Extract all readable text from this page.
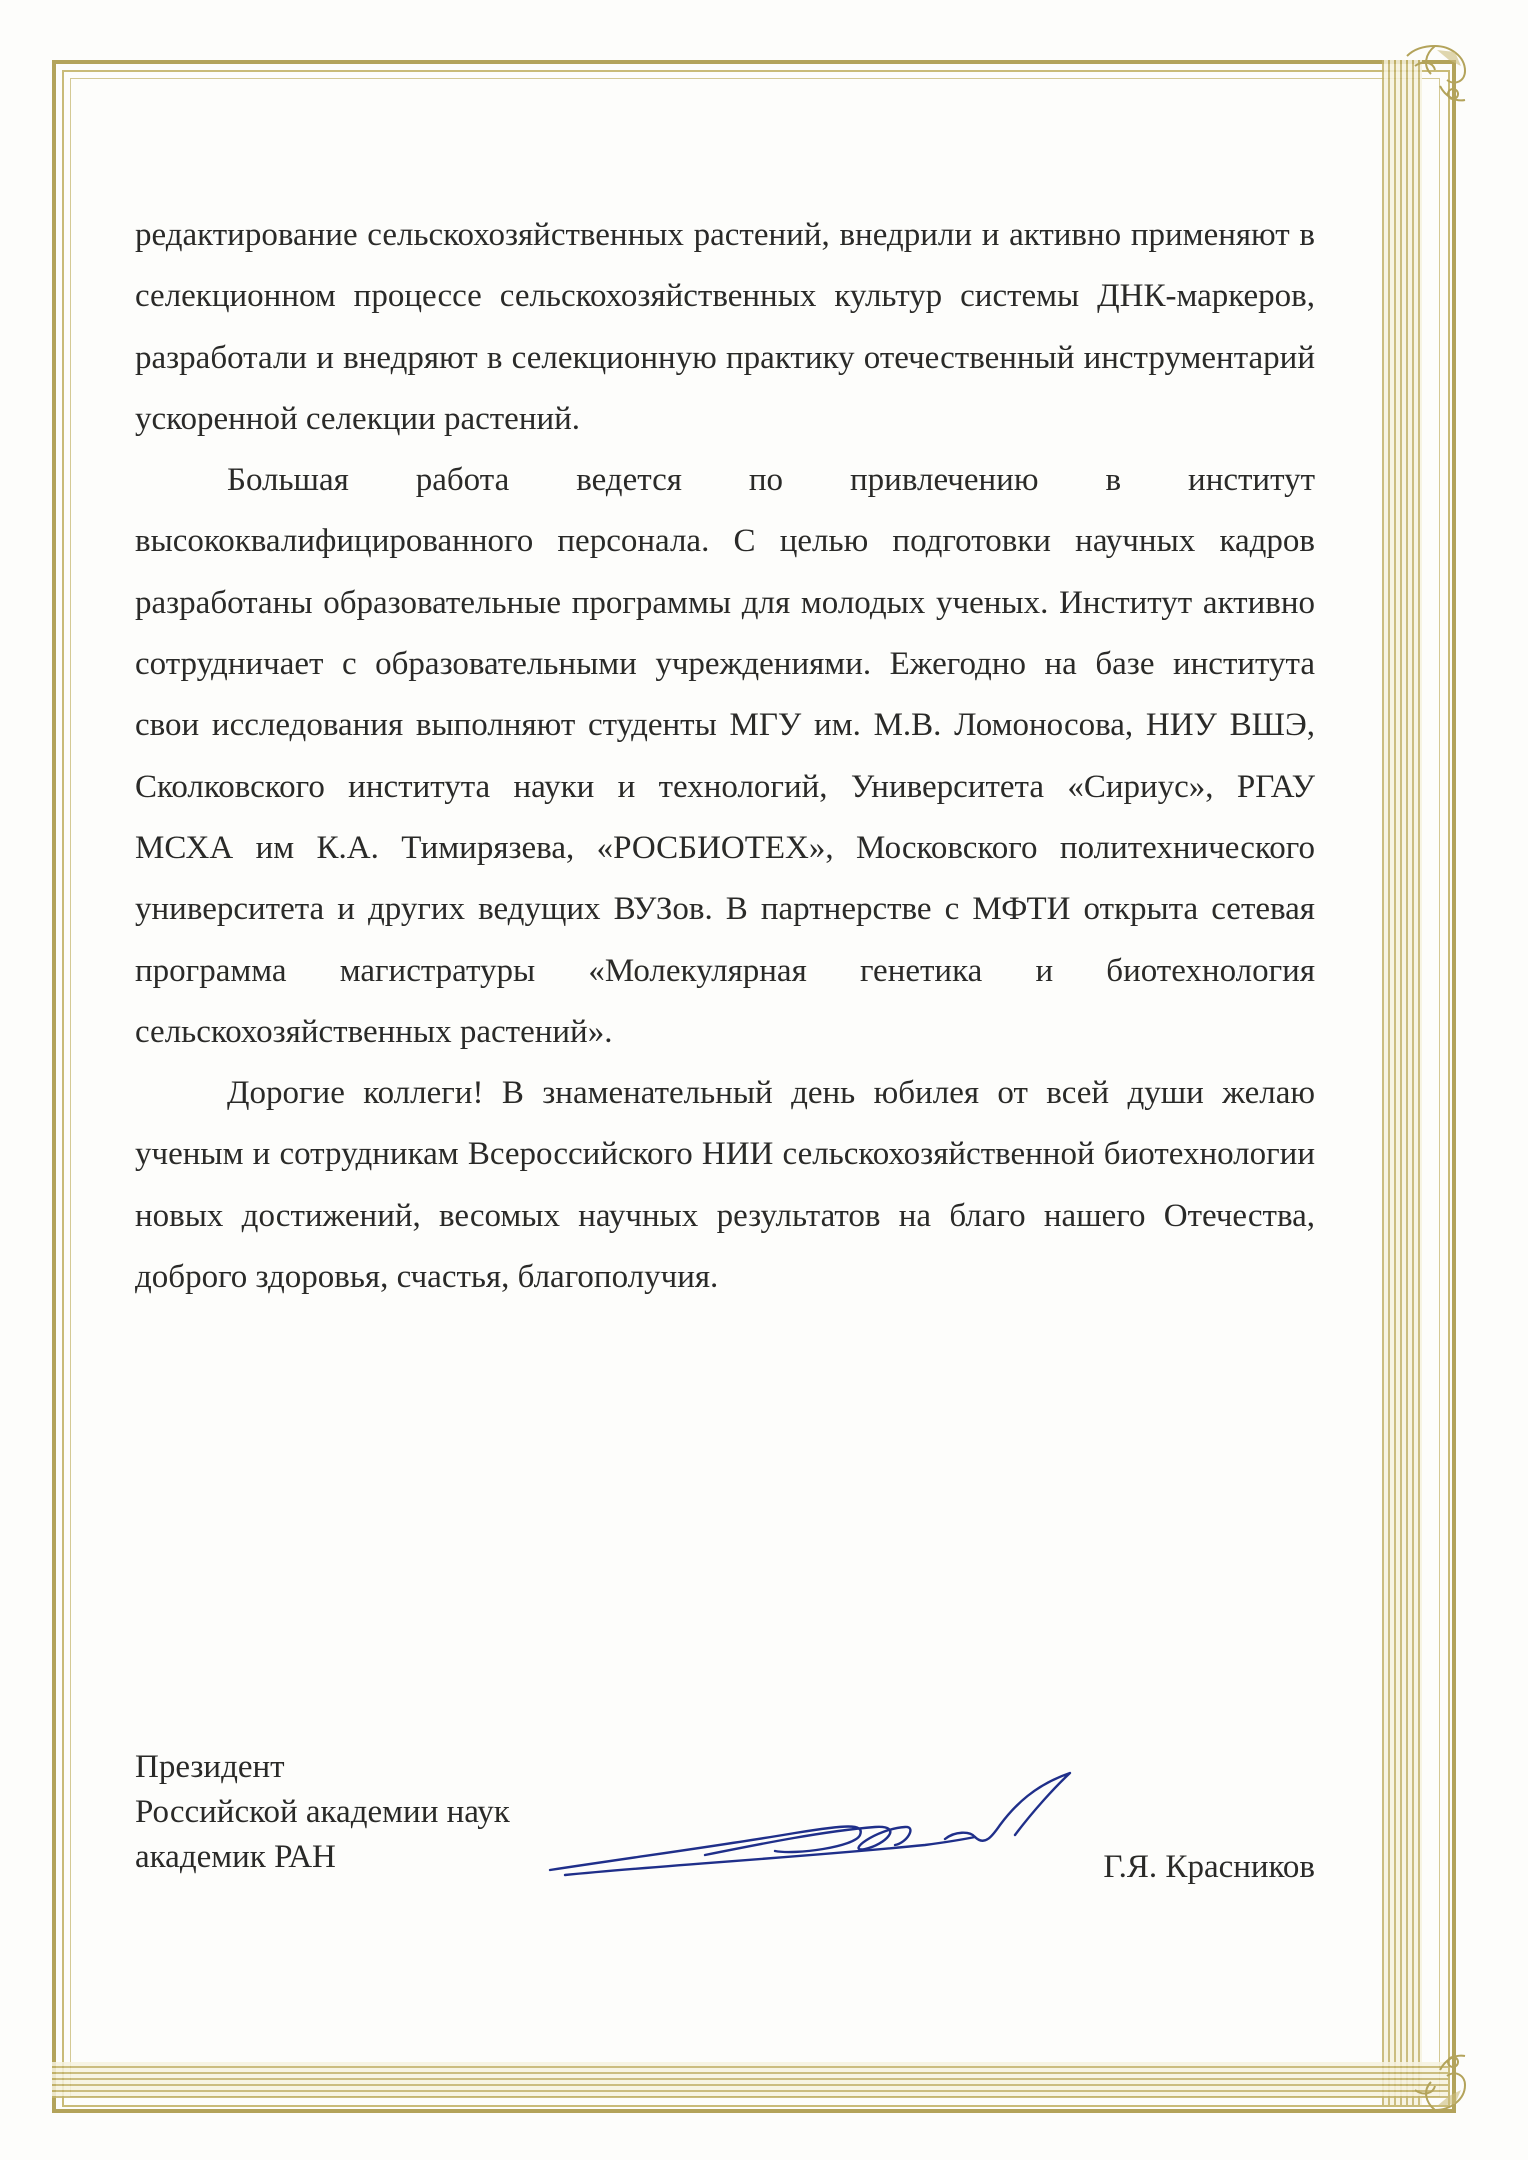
редактирование сельскохозяйственных растений, внедрили и активно применяют в селекционном процессе сельскохозяйственных культур системы ДНК-маркеров, разработали и внедряют в селекционную практику отечественный инструментарий ускоренной селекции растений.

Большая работа ведется по привлечению в институт высококвалифицированного персонала. С целью подготовки научных кадров разработаны образовательные программы для молодых ученых. Институт активно сотрудничает с образовательными учреждениями. Ежегодно на базе института свои исследования выполняют студенты МГУ им. М.В. Ломоносова, НИУ ВШЭ, Сколковского института науки и технологий, Университета «Сириус», РГАУ МСХА им К.А. Тимирязева, «РОСБИОТЕХ», Московского политехнического университета и других ведущих ВУЗов. В партнерстве с МФТИ открыта сетевая программа магистратуры «Молекулярная генетика и биотехнология сельскохозяйственных растений».

Дорогие коллеги! В знаменательный день юбилея от всей души желаю ученым и сотрудникам Всероссийского НИИ сельскохозяйственной биотехнологии новых достижений, весомых научных результатов на благо нашего Отечества, доброго здоровья, счастья, благополучия.

Президент
Российской академии наук
академик РАН	Г.Я. Красников
